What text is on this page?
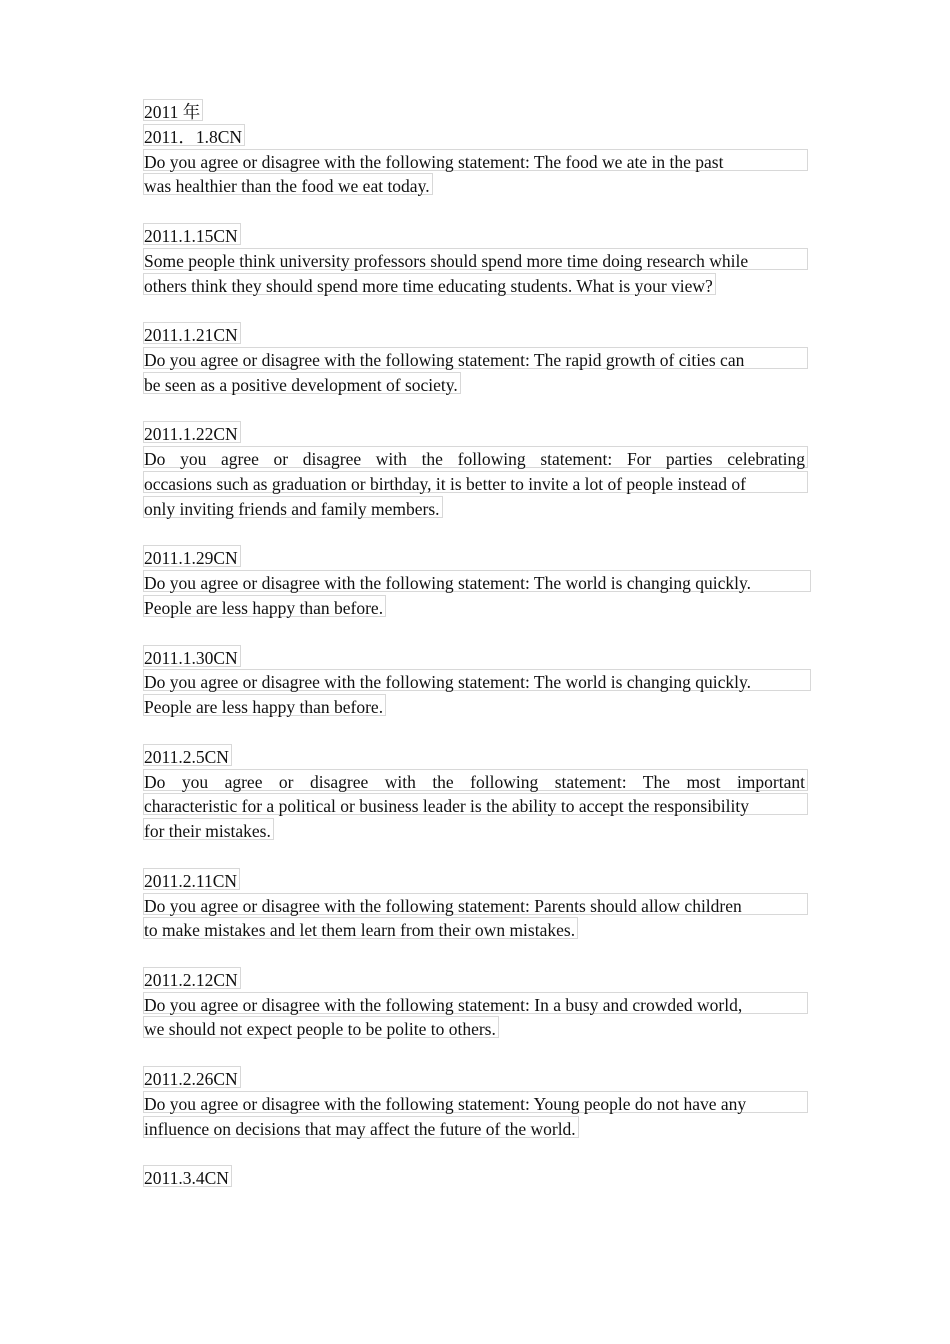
2011 年
2011．1.8CN
Do you agree or disagree with the following statement: The food we ate in the past
was healthier than the food we eat today.
2011.1.15CN
Some people think university professors should spend more time doing research while
others think they should spend more time educating students. What is your view?
2011.1.21CN
Do you agree or disagree with the following statement: The rapid growth of cities can
be seen as a positive development of society.
2011.1.22CN
Do you agree or disagree with the following statement: For parties celebrating
occasions such as graduation or birthday, it is better to invite a lot of people instead of
only inviting friends and family members.
2011.1.29CN
Do you agree or disagree with the following statement: The world is changing quickly.
People are less happy than before.
2011.1.30CN
Do you agree or disagree with the following statement: The world is changing quickly.
People are less happy than before.
2011.2.5CN
Do you agree or disagree with the following statement: The most important
characteristic for a political or business leader is the ability to accept the responsibility
for their mistakes.
2011.2.11CN
Do you agree or disagree with the following statement: Parents should allow children
to make mistakes and let them learn from their own mistakes.
2011.2.12CN
Do you agree or disagree with the following statement: In a busy and crowded world,
we should not expect people to be polite to others.
2011.2.26CN
Do you agree or disagree with the following statement: Young people do not have any
influence on decisions that may affect the future of the world.
2011.3.4CN
